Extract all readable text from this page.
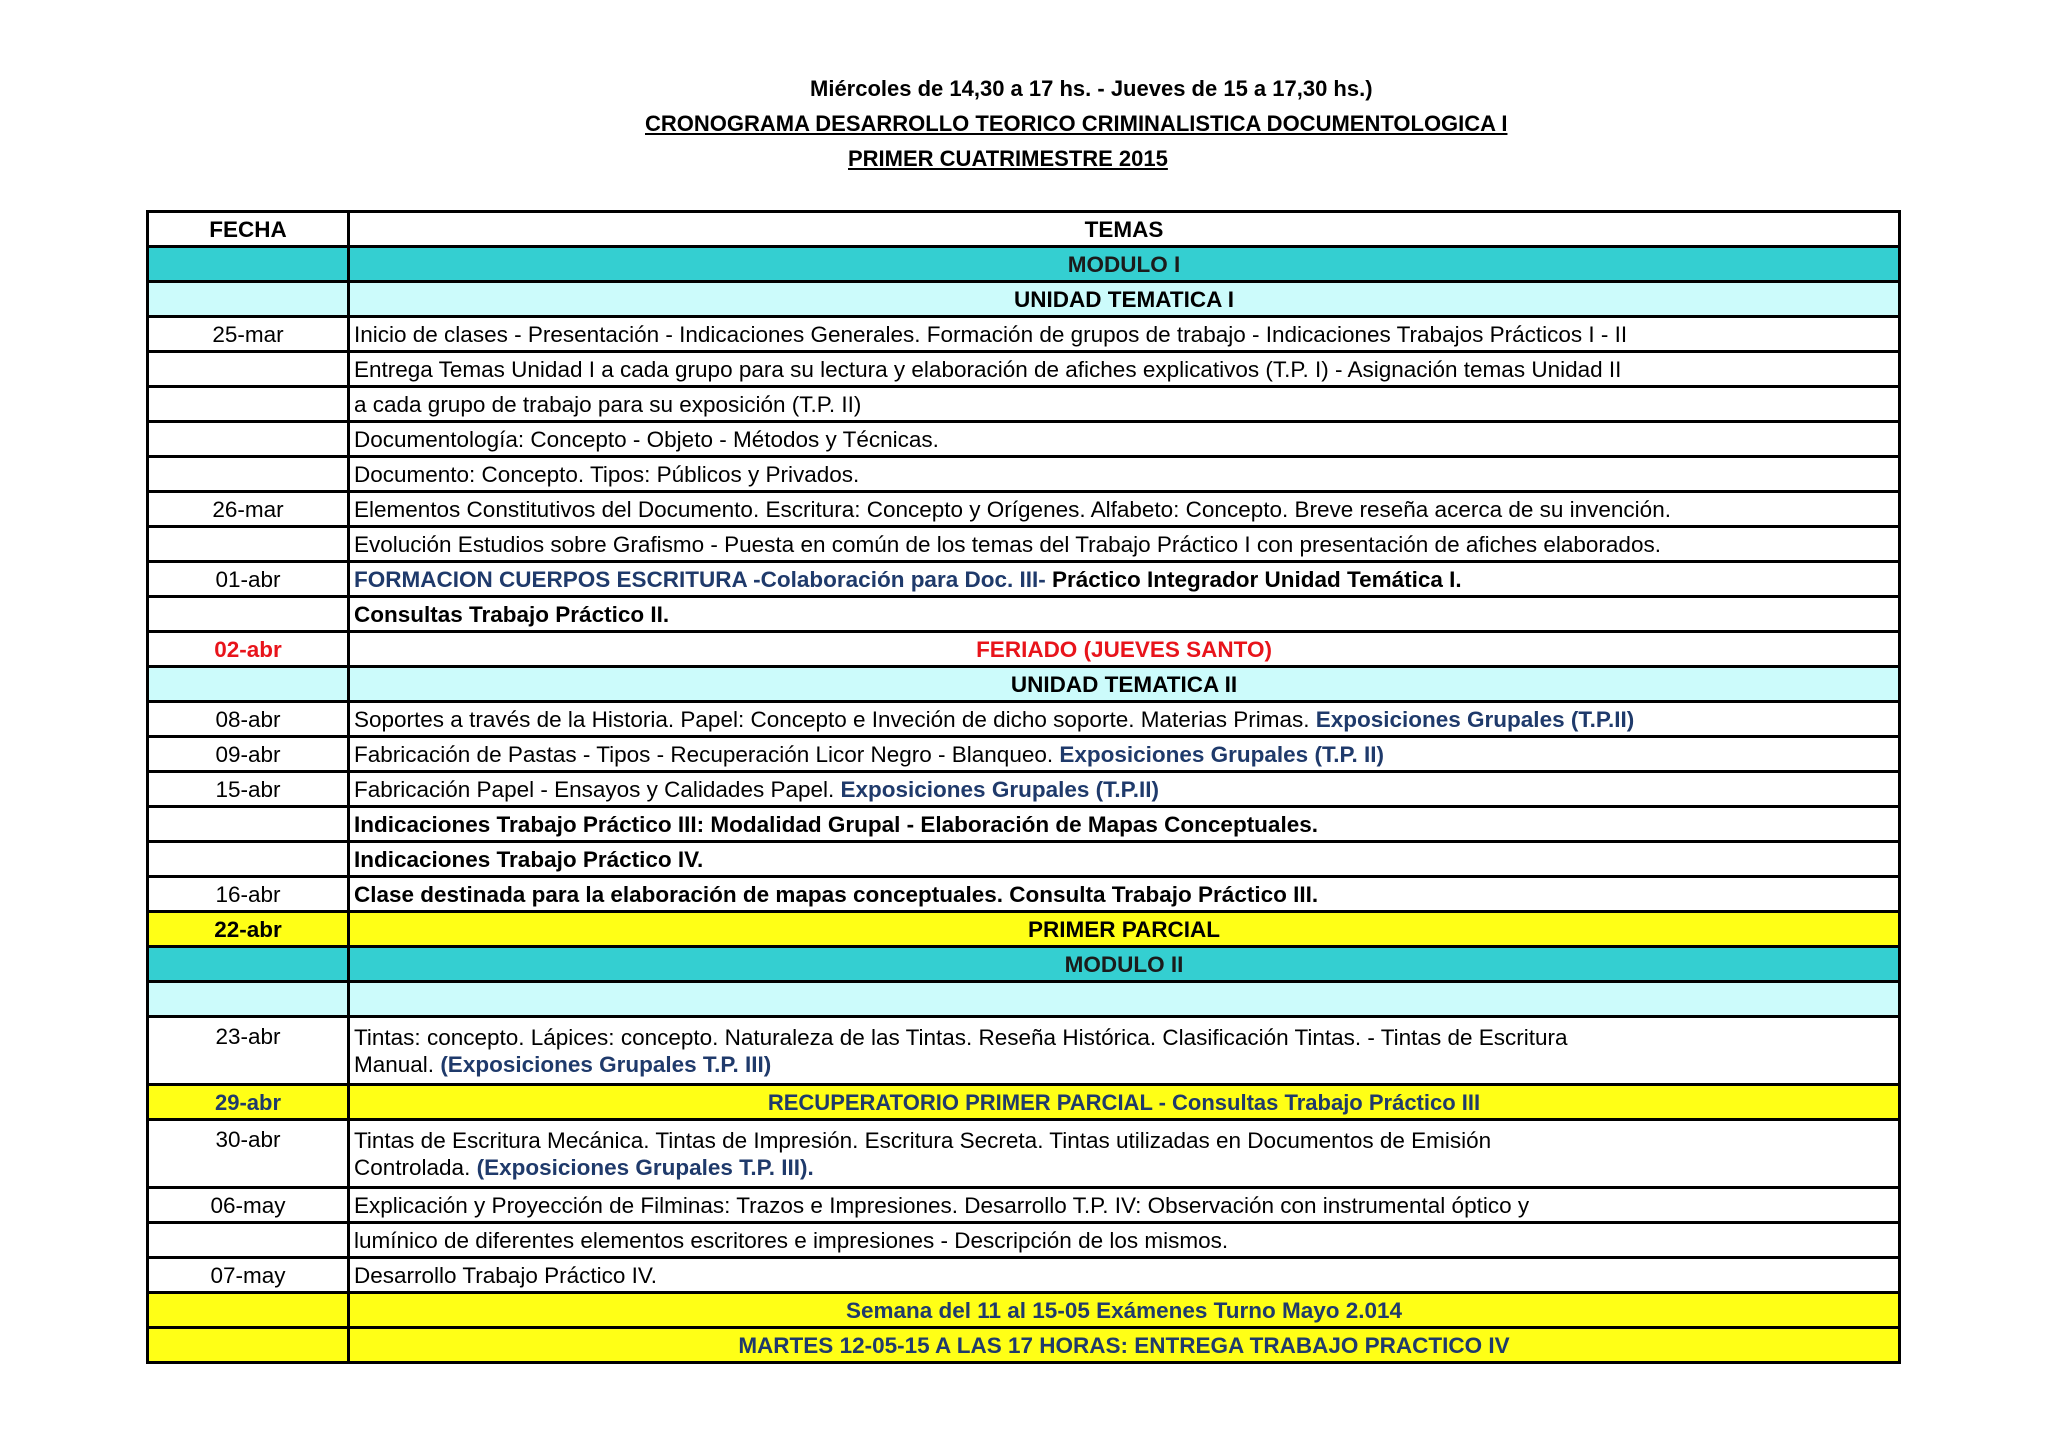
Miércoles de 14,30 a 17 hs. - Jueves de 15 a 17,30 hs.)
CRONOGRAMA DESARROLLO TEORICO CRIMINALISTICA DOCUMENTOLOGICA I
PRIMER CUATRIMESTRE 2015
FECHA	TEMAS
	MODULO I
	UNIDAD TEMATICA I
25-mar	Inicio de clases - Presentación - Indicaciones Generales. Formación de grupos de trabajo - Indicaciones Trabajos Prácticos I - II
	Entrega Temas Unidad I a cada grupo para su lectura y elaboración de afiches explicativos (T.P. I) - Asignación temas Unidad II
	a cada grupo de trabajo para su exposición (T.P. II)
	Documentología: Concepto - Objeto - Métodos y Técnicas.
	Documento: Concepto. Tipos: Públicos y Privados.
26-mar	Elementos Constitutivos del Documento. Escritura: Concepto y Orígenes. Alfabeto: Concepto. Breve reseña acerca de su invención.
	Evolución Estudios sobre Grafismo - Puesta en común de los temas del Trabajo Práctico I con presentación de afiches elaborados.
01-abr	FORMACION CUERPOS ESCRITURA -Colaboración para Doc. III- Práctico Integrador Unidad Temática I.
	Consultas Trabajo Práctico II.
02-abr	FERIADO (JUEVES SANTO)
	UNIDAD TEMATICA II
08-abr	Soportes a través de la Historia. Papel: Concepto e Inveción de dicho soporte. Materias Primas. Exposiciones Grupales (T.P.II)
09-abr	Fabricación de Pastas - Tipos - Recuperación Licor Negro - Blanqueo. Exposiciones Grupales (T.P. II)
15-abr	Fabricación Papel - Ensayos y Calidades Papel. Exposiciones Grupales (T.P.II)
	Indicaciones Trabajo Práctico III: Modalidad Grupal - Elaboración de Mapas Conceptuales.
	Indicaciones Trabajo Práctico IV.
16-abr	Clase destinada para la elaboración de mapas conceptuales. Consulta Trabajo Práctico III.
22-abr	PRIMER PARCIAL
	MODULO II

23-abr	Tintas: concepto. Lápices: concepto. Naturaleza de las Tintas. Reseña Histórica. Clasificación Tintas. - Tintas de Escritura
Manual. (Exposiciones Grupales T.P. III)

29-abr	RECUPERATORIO PRIMER PARCIAL - Consultas Trabajo Práctico III
30-abr	Tintas de Escritura Mecánica. Tintas de Impresión. Escritura Secreta. Tintas utilizadas en Documentos de Emisión
Controlada. (Exposiciones Grupales T.P. III).

06-may	Explicación y Proyección de Filminas: Trazos e Impresiones. Desarrollo T.P. IV: Observación con instrumental óptico y
	lumínico de diferentes elementos escritores e impresiones - Descripción de los mismos.
07-may	Desarrollo Trabajo Práctico IV.
	Semana del 11 al 15-05 Exámenes Turno Mayo 2.014
	MARTES 12-05-15 A LAS 17 HORAS: ENTREGA TRABAJO PRACTICO IV
